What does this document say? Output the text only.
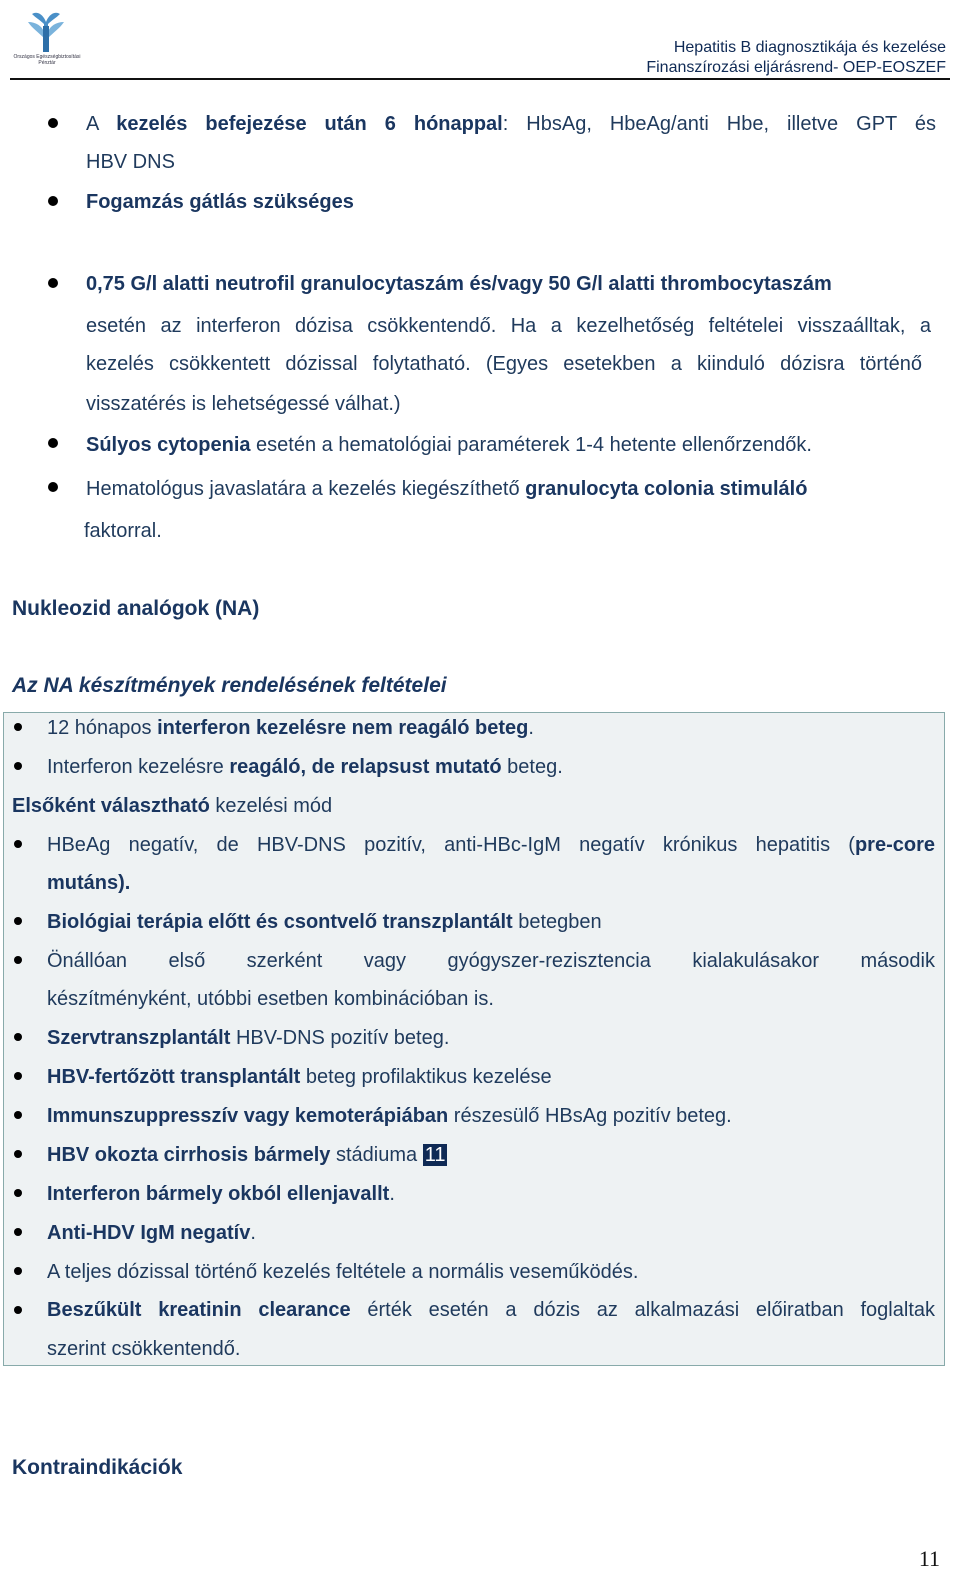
Országos Egészségbiztosítási Pénztár
Hepatitis B diagnosztikája és kezelése
Finanszírozási eljárásrend- OEP-EOSZEF
A kezelés befejezése után 6 hónappal: HbsAg, HbeAg/anti Hbe, illetve GPT és
HBV DNS
Fogamzás gátlás szükséges
0,75 G/l alatti neutrofil granulocytaszám és/vagy 50 G/l alatti thrombocytaszám
esetén az interferon dózisa csökkentendő. Ha a kezelhetőség feltételei visszaálltak, a
kezelés csökkentett dózissal folytatható. (Egyes esetekben a kiinduló dózisra történő
visszatérés is lehetségessé válhat.)
Súlyos cytopenia esetén a hematológiai paraméterek 1-4 hetente ellenőrzendők.
Hematológus javaslatára a kezelés kiegészíthető granulocyta colonia stimuláló
faktorral.
Nukleozid analógok (NA)
Az NA készítmények rendelésének feltételei
12 hónapos interferon kezelésre nem reagáló beteg.
Interferon kezelésre reagáló, de relapsust mutató beteg.
Elsőként választható kezelési mód
HBeAg negatív, de HBV-DNS pozitív, anti-HBc-IgM negatív krónikus hepatitis (pre-core
mutáns).
Biológiai terápia előtt és csontvelő transzplantált betegben
Önállóan első szerként vagy gyógyszer-rezisztencia kialakulásakor második
készítményként, utóbbi esetben kombinációban is.
Szervtranszplantált HBV-DNS pozitív beteg.
HBV-fertőzött transplantált beteg profilaktikus kezelése
Immunszuppresszív vagy kemoterápiában részesülő HBsAg pozitív beteg.
HBV okozta cirrhosis bármely stádiuma 11
Interferon bármely okból ellenjavallt.
Anti-HDV IgM negatív.
A teljes dózissal történő kezelés feltétele a normális veseműködés.
Beszűkült kreatinin clearance érték esetén a dózis az alkalmazási előiratban foglaltak
szerint csökkentendő.
Kontraindikációk
11
